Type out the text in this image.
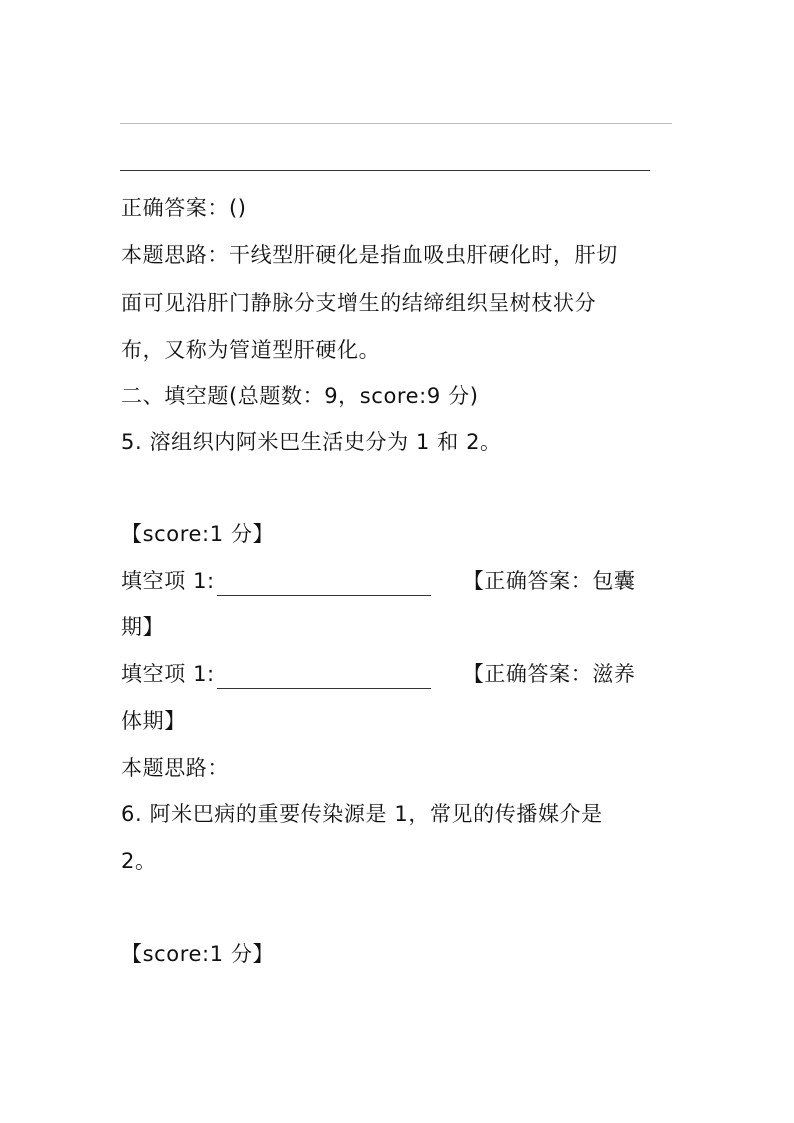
正确答案：()
本题思路：干线型肝硬化是指血吸虫肝硬化时，肝切
面可见沿肝门静脉分支增生的结缔组织呈树枝状分
布，又称为管道型肝硬化。
二、填空题(总题数：9，score:9 分)
5. 溶组织内阿米巴生活史分为 1 和 2。
【score:1 分】
填空项 1:	【正确答案：包囊
期】
填空项 1:	【正确答案：滋养
体期】
本题思路：
6. 阿米巴病的重要传染源是 1，常见的传播媒介是
2。
【score:1 分】
